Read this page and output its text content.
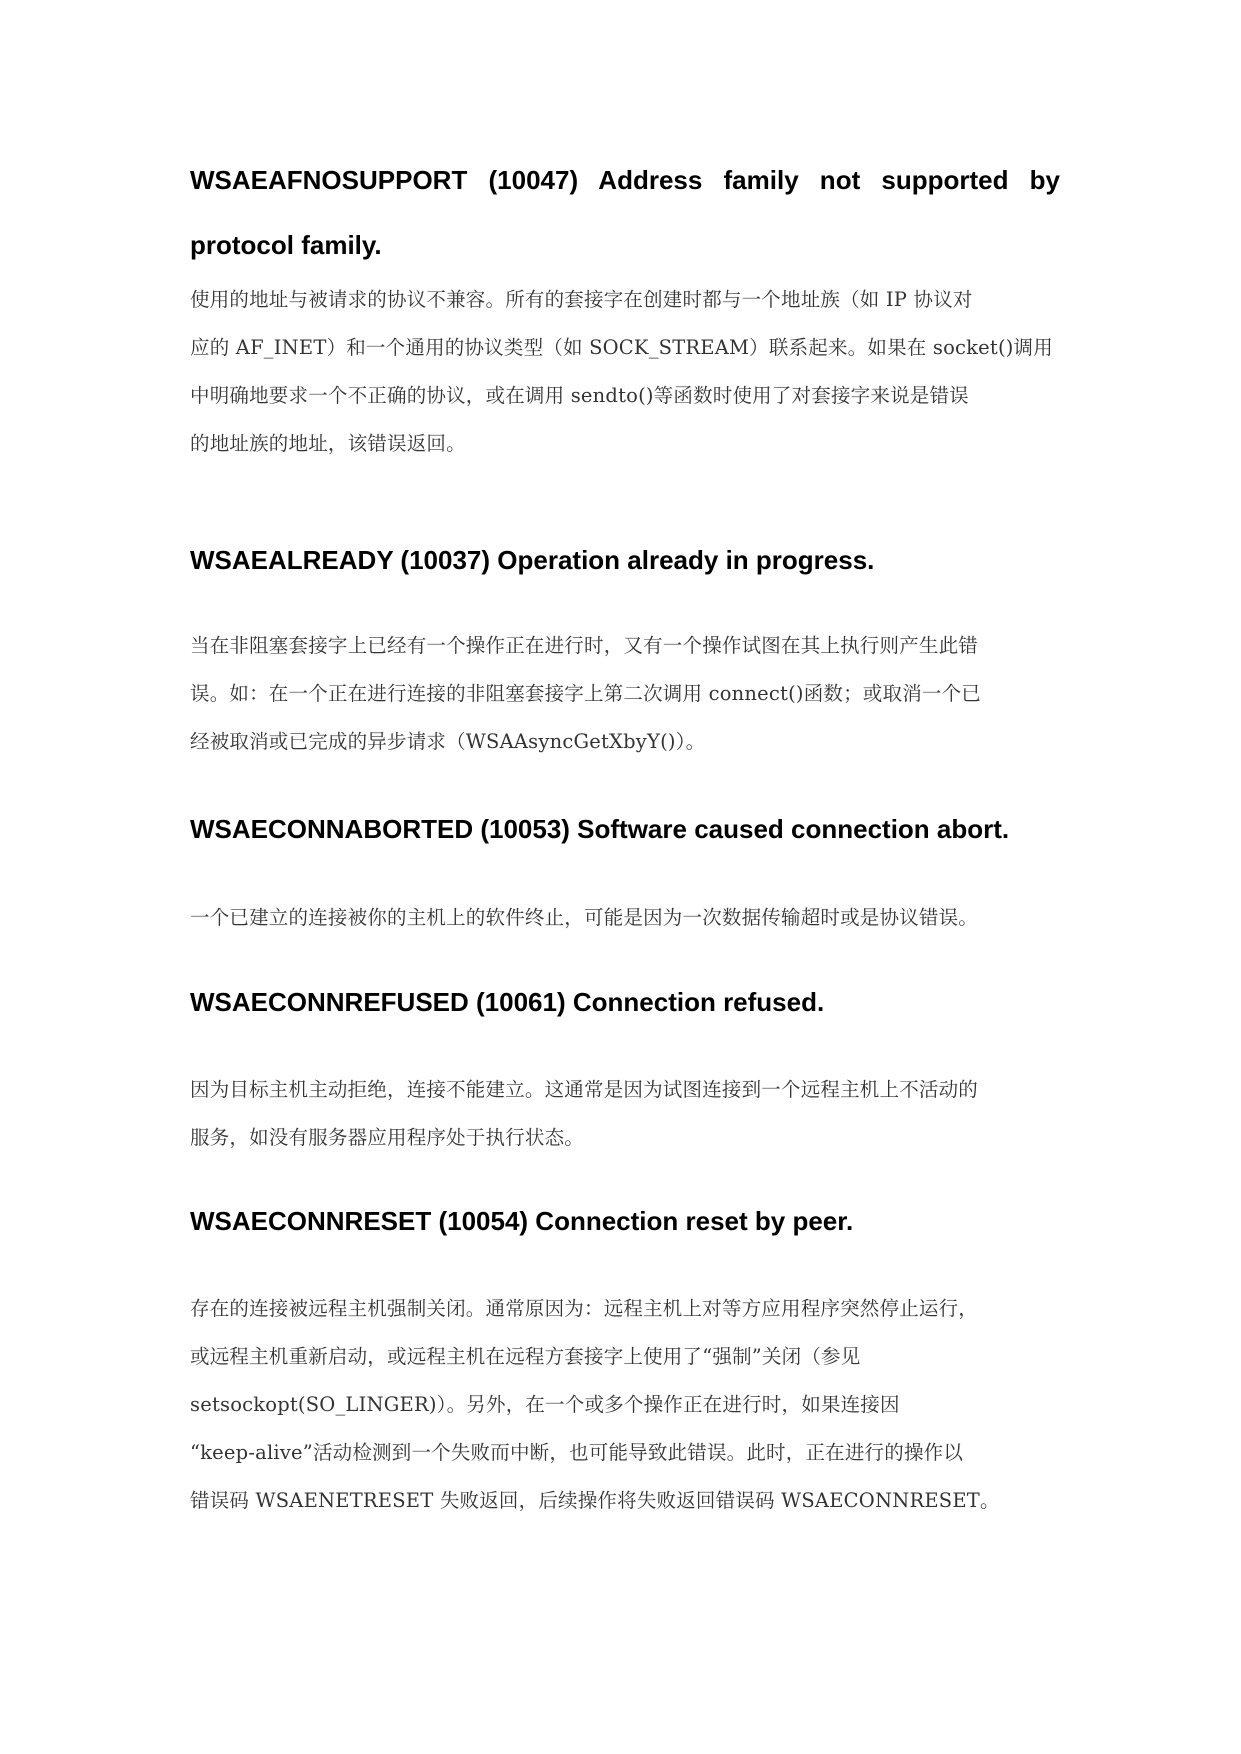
WSAEAFNOSUPPORT (10047) Address family not supported by
protocol family.
使用的地址与被请求的协议不兼容。所有的套接字在创建时都与一个地址族（如 IP 协议对
应的 AF_INET）和一个通用的协议类型（如 SOCK_STREAM）联系起来。如果在 socket()调用
中明确地要求一个不正确的协议，或在调用 sendto()等函数时使用了对套接字来说是错误
的地址族的地址，该错误返回。
WSAEALREADY (10037) Operation already in progress.
当在非阻塞套接字上已经有一个操作正在进行时，又有一个操作试图在其上执行则产生此错
误。如：在一个正在进行连接的非阻塞套接字上第二次调用 connect()函数；或取消一个已
经被取消或已完成的异步请求（WSAAsyncGetXbyY()）。
WSAECONNABORTED (10053) Software caused connection abort.
一个已建立的连接被你的主机上的软件终止，可能是因为一次数据传输超时或是协议错误。
WSAECONNREFUSED (10061) Connection refused.
因为目标主机主动拒绝，连接不能建立。这通常是因为试图连接到一个远程主机上不活动的
服务，如没有服务器应用程序处于执行状态。
WSAECONNRESET (10054) Connection reset by peer.
存在的连接被远程主机强制关闭。通常原因为：远程主机上对等方应用程序突然停止运行，
或远程主机重新启动，或远程主机在远程方套接字上使用了“强制”关闭（参见
setsockopt(SO_LINGER)）。另外，在一个或多个操作正在进行时，如果连接因
“keep-alive”活动检测到一个失败而中断，也可能导致此错误。此时，正在进行的操作以
错误码 WSAENETRESET 失败返回，后续操作将失败返回错误码 WSAECONNRESET。
